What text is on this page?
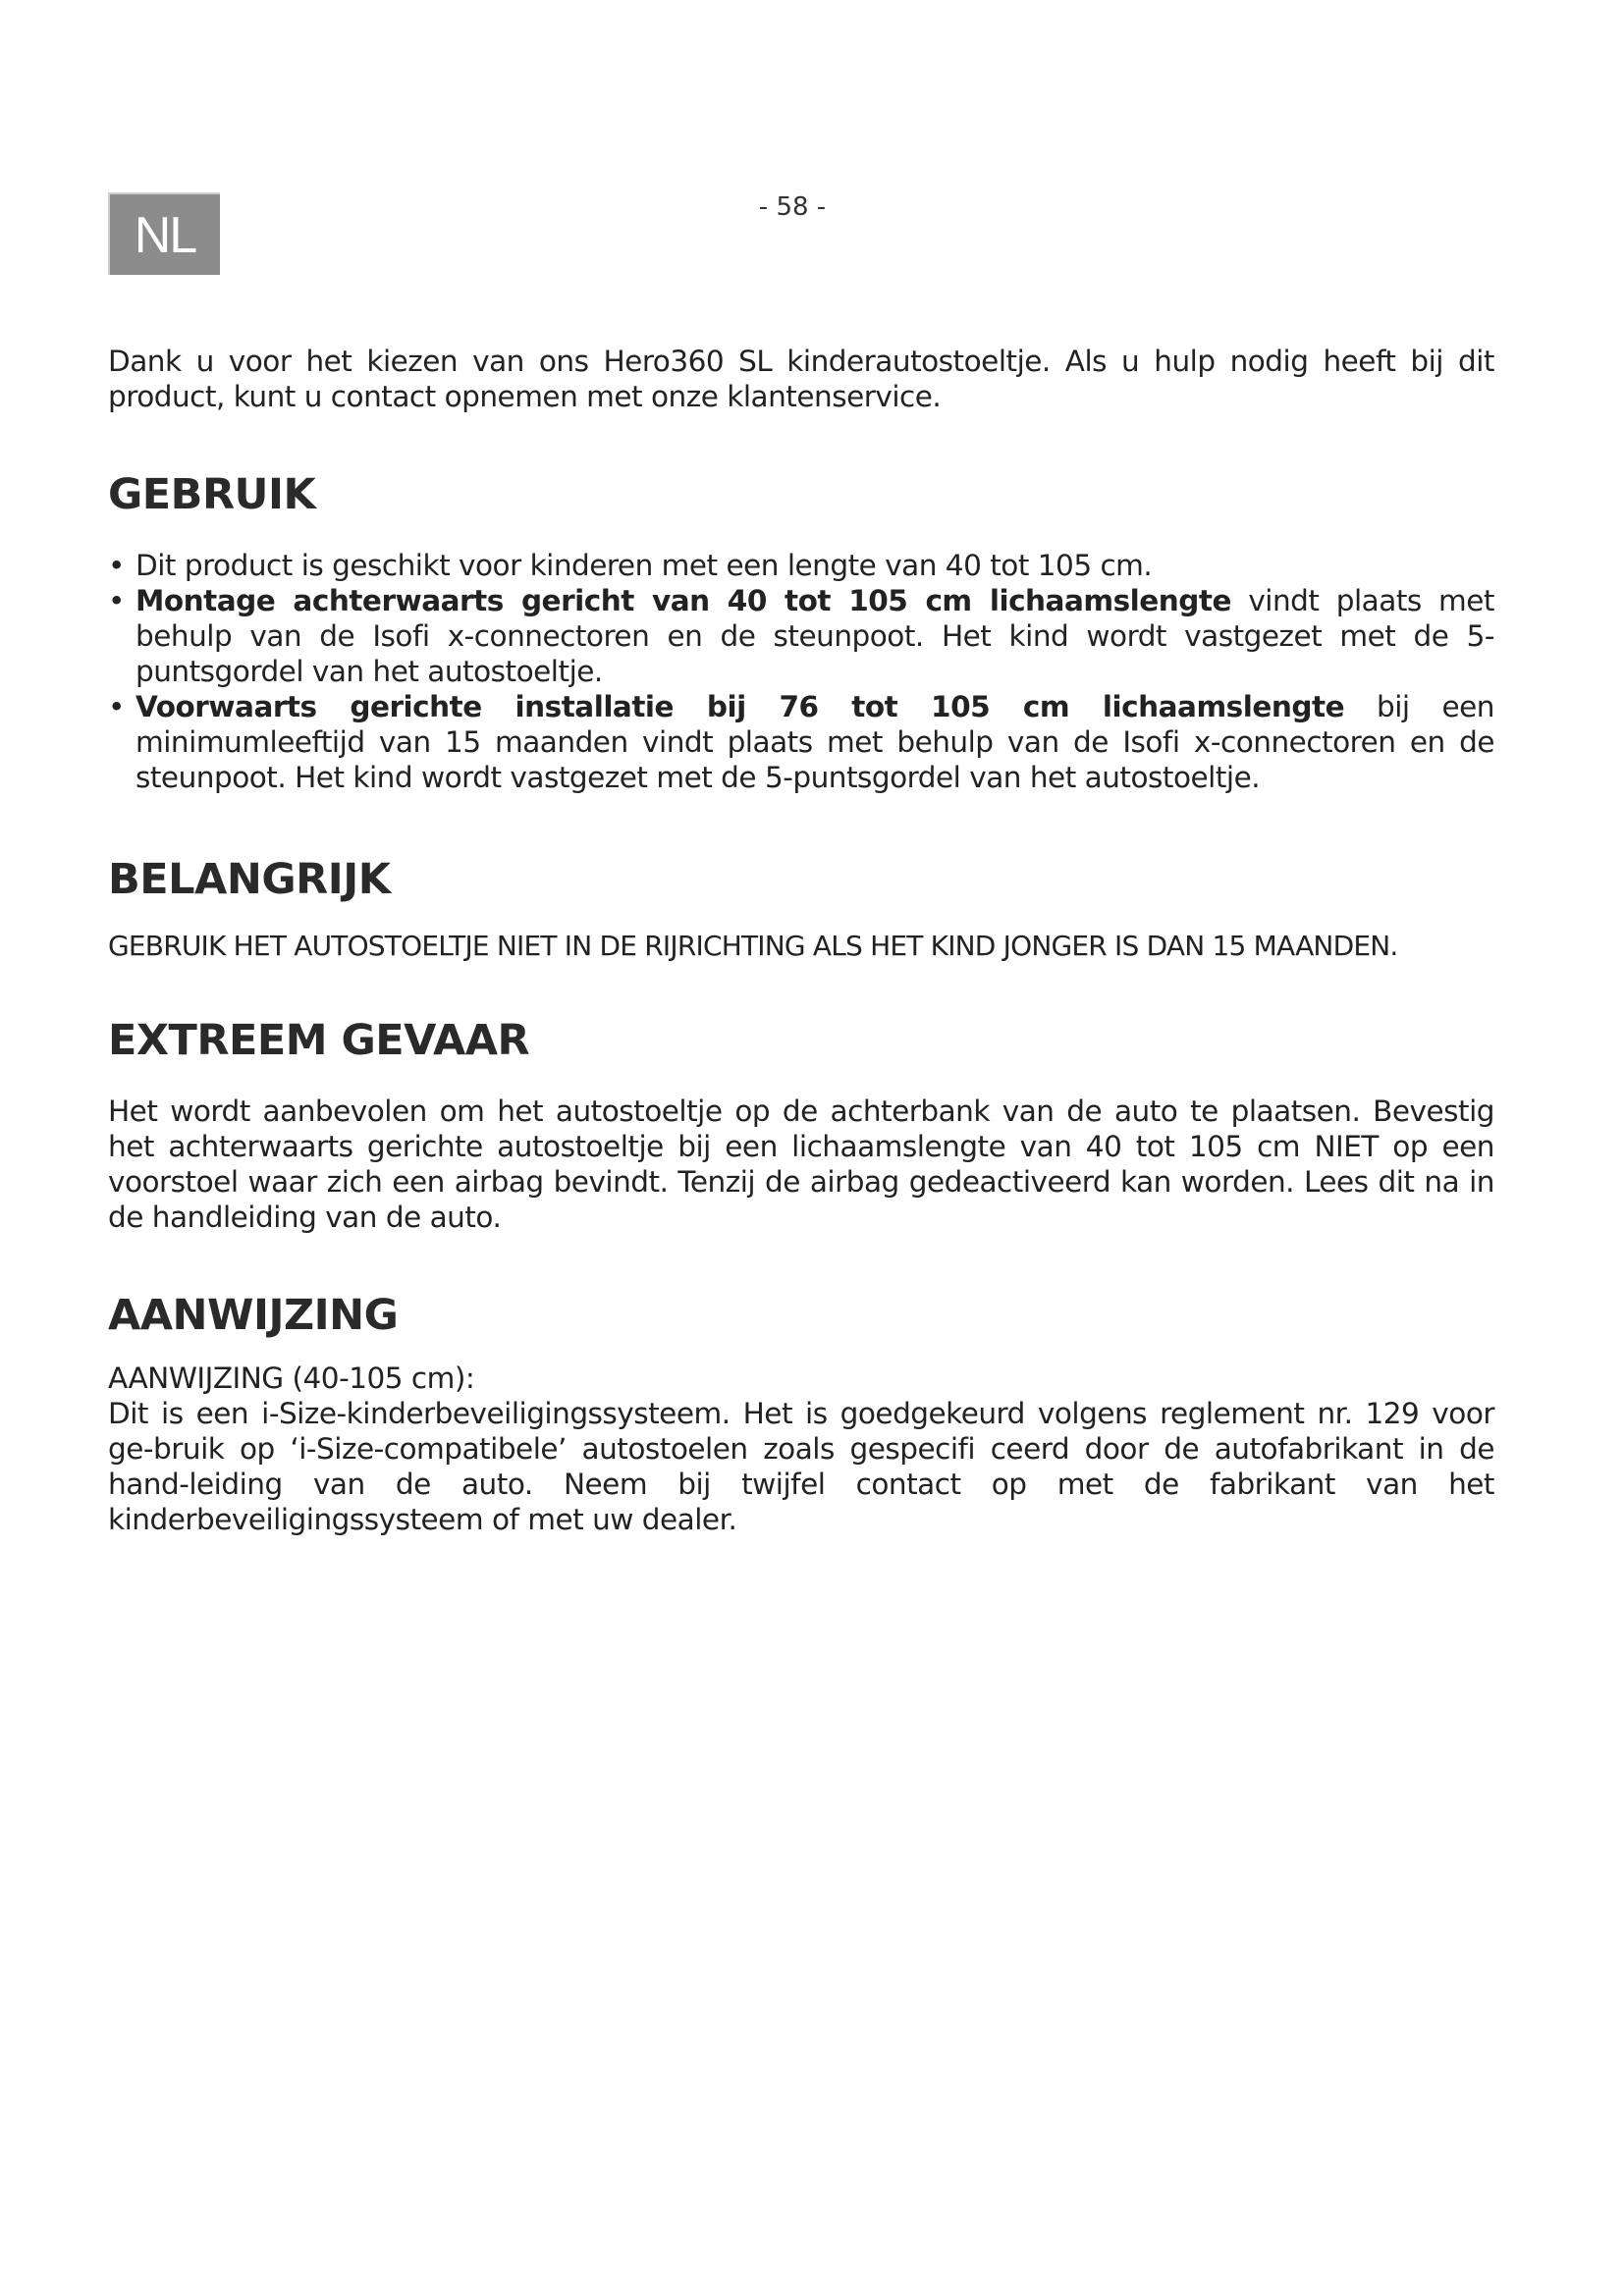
NL	- 58 -

Dank u voor het kiezen van ons Hero360 SL kinderautostoeltje. Als u hulp nodig heeft bij dit product, kunt u contact opnemen met onze klantenservice.

GEBRUIK
• Dit product is geschikt voor kinderen met een lengte van 40 tot 105 cm.
• Montage achterwaarts gericht van 40 tot 105 cm lichaamslengte vindt plaats met behulp van de Isofi x-connectoren en de steunpoot. Het kind wordt vastgezet met de 5-puntsgordel van het autostoeltje.
• Voorwaarts gerichte installatie bij 76 tot 105 cm lichaamslengte bij een minimumleeftijd van 15 maanden vindt plaats met behulp van de Isofi x-connectoren en de steunpoot. Het kind wordt vastgezet met de 5-puntsgordel van het autostoeltje.
BELANGRIJK

GEBRUIK HET AUTOSTOELTJE NIET IN DE RIJRICHTING ALS HET KIND JONGER IS DAN 15 MAANDEN.

EXTREEM GEVAAR

Het wordt aanbevolen om het autostoeltje op de achterbank van de auto te plaatsen. Bevestig het achterwaarts gerichte autostoeltje bij een lichaamslengte van 40 tot 105 cm NIET op een voorstoel waar zich een airbag bevindt. Tenzij de airbag gedeactiveerd kan worden. Lees dit na in de handleiding van de auto.

AANWIJZING

AANWIJZING (40-105 cm):

Dit is een i-Size-kinderbeveiligingssysteem. Het is goedgekeurd volgens reglement nr. 129 voor ge-bruik op ‘i-Size-compatibele’ autostoelen zoals gespecifi ceerd door de autofabrikant in de hand-leiding van de auto. Neem bij twijfel contact op met de fabrikant van het kinderbeveiligingssysteem of met uw dealer.
